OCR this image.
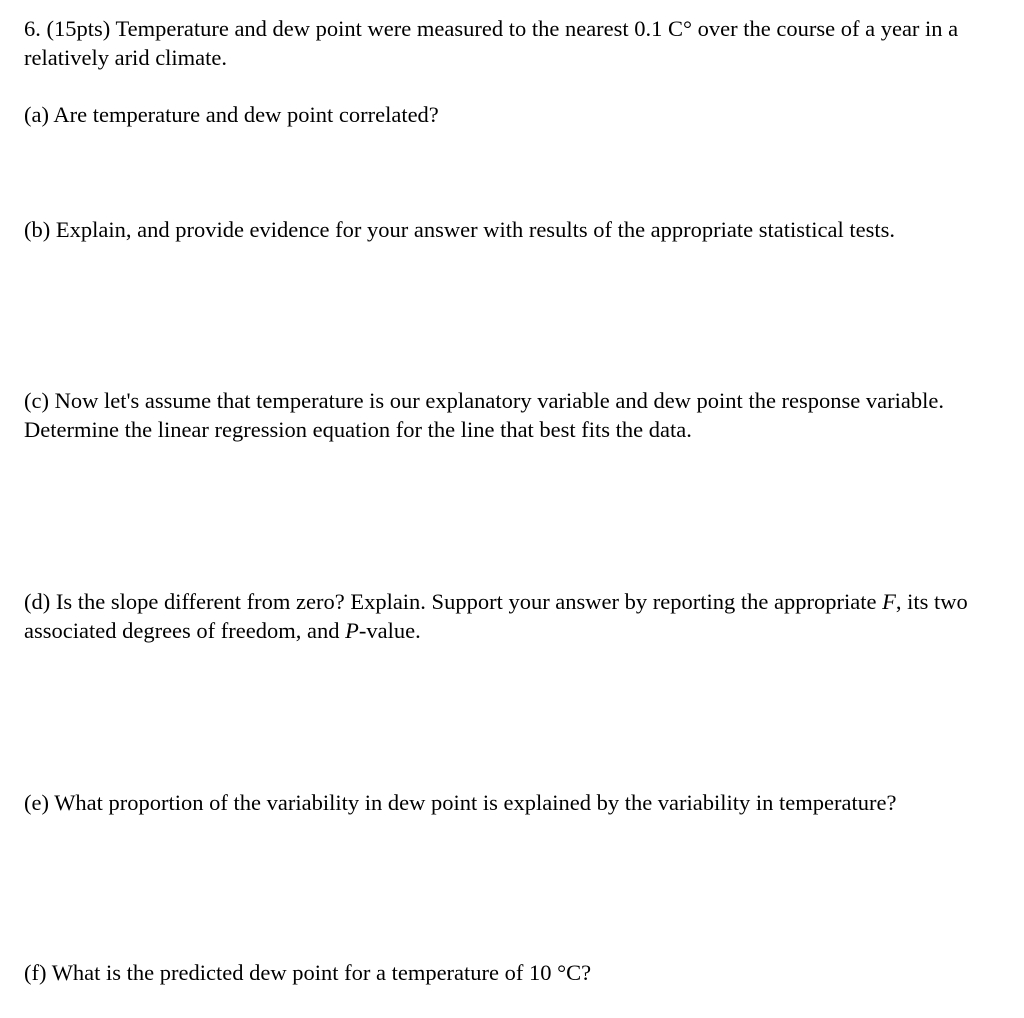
6. (15pts) Temperature and dew point were measured to the nearest 0.1 C° over the course of a year in a relatively arid climate.

(a) Are temperature and dew point correlated?

(b) Explain, and provide evidence for your answer with results of the appropriate statistical tests.

(c) Now let's assume that temperature is our explanatory variable and dew point the response variable. Determine the linear regression equation for the line that best fits the data.

(d) Is the slope different from zero? Explain. Support your answer by reporting the appropriate F, its two associated degrees of freedom, and P-value.

(e) What proportion of the variability in dew point is explained by the variability in temperature?

(f) What is the predicted dew point for a temperature of 10 °C?
